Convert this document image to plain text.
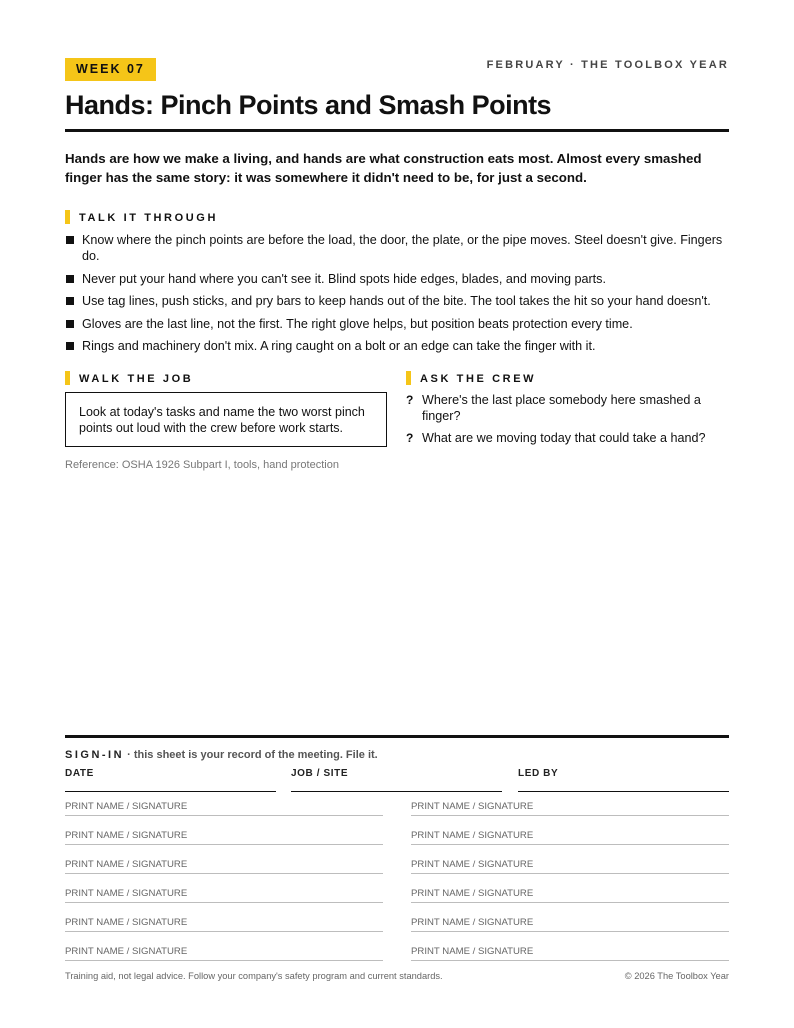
WEEK 07	FEBRUARY · THE TOOLBOX YEAR
Hands: Pinch Points and Smash Points

Hands are how we make a living, and hands are what construction eats most. Almost every smashed finger has the same story: it was somewhere it didn't need to be, for just a second.

TALK IT THROUGH
Know where the pinch points are before the load, the door, the plate, or the pipe moves. Steel doesn't give. Fingers do.
Never put your hand where you can't see it. Blind spots hide edges, blades, and moving parts.
Use tag lines, push sticks, and pry bars to keep hands out of the bite. The tool takes the hit so your hand doesn't.
Gloves are the last line, not the first. The right glove helps, but position beats protection every time.
Rings and machinery don't mix. A ring caught on a bolt or an edge can take the finger with it.
WALK THE JOB
Look at today's tasks and name the two worst pinch points out loud with the crew before work starts.
Reference: OSHA 1926 Subpart I, tools, hand protection
ASK THE CREW
? Where's the last place somebody here smashed a finger?
? What are we moving today that could take a hand?
SIGN-IN · this sheet is your record of the meeting. File it.
DATE	JOB / SITE	LED BY
PRINT NAME / SIGNATURE	PRINT NAME / SIGNATURE
PRINT NAME / SIGNATURE	PRINT NAME / SIGNATURE
PRINT NAME / SIGNATURE	PRINT NAME / SIGNATURE
PRINT NAME / SIGNATURE	PRINT NAME / SIGNATURE
PRINT NAME / SIGNATURE	PRINT NAME / SIGNATURE
PRINT NAME / SIGNATURE	PRINT NAME / SIGNATURE
Training aid, not legal advice. Follow your company's safety program and current standards.	© 2026 The Toolbox Year
